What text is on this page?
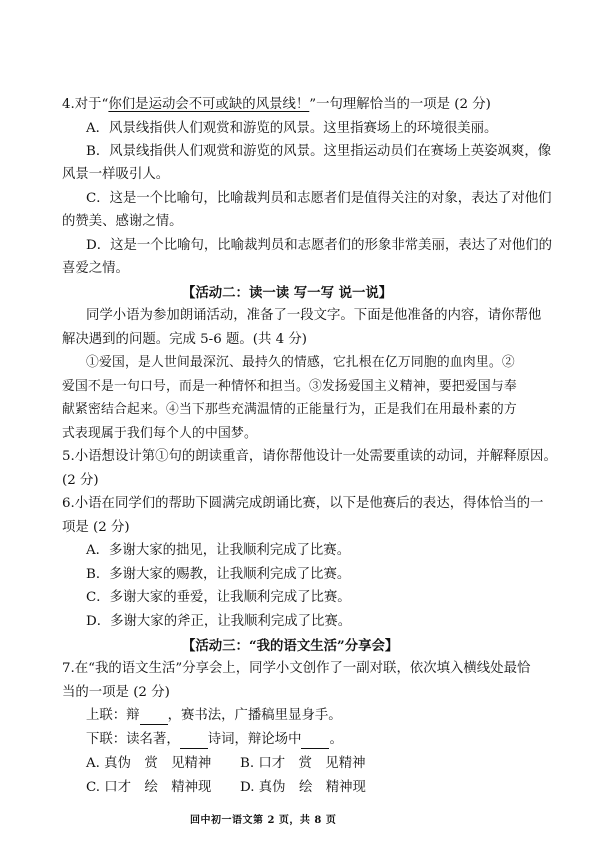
4.对于“你们是运动会不可或缺的风景线！”一句理解恰当的一项是 (2 分)
A．风景线指供人们观赏和游览的风景。这里指赛场上的环境很美丽。
B．风景线指供人们观赏和游览的风景。这里指运动员们在赛场上英姿飒爽，像
风景一样吸引人。
C．这是一个比喻句，比喻裁判员和志愿者们是值得关注的对象，表达了对他们
的赞美、感谢之情。
D．这是一个比喻句，比喻裁判员和志愿者们的形象非常美丽，表达了对他们的
喜爱之情。
【活动二：读一读 写一写 说一说】
同学小语为参加朗诵活动，准备了一段文字。下面是他准备的内容，请你帮他
解决遇到的问题。完成 5-6 题。(共 4 分)
①爱国，是人世间最深沉、最持久的情感，它扎根在亿万同胞的血肉里。②
爱国不是一句口号，而是一种情怀和担当。③发扬爱国主义精神，要把爱国与奉
献紧密结合起来。④当下那些充满温情的正能量行为，正是我们在用最朴素的方
式表现属于我们每个人的中国梦。
5.小语想设计第①句的朗读重音，请你帮他设计一处需要重读的动词，并解释原因。
(2 分)
6.小语在同学们的帮助下圆满完成朗诵比赛，以下是他赛后的表达，得体恰当的一
项是 (2 分)
A．多谢大家的拙见，让我顺利完成了比赛。
B．多谢大家的赐教，让我顺利完成了比赛。
C．多谢大家的垂爱，让我顺利完成了比赛。
D．多谢大家的斧正，让我顺利完成了比赛。
【活动三：“我的语文生活”分享会】
7.在“我的语文生活”分享会上，同学小文创作了一副对联，依次填入横线处最恰
当的一项是 (2 分)
上联：辩 ，赛书法，广播稿里显身手。
下联：读名著， 诗词，辩论场中 。
A. 真伪　赏　见精神 B. 口才　赏　见精神
C. 口才　绘　精神现 D. 真伪　绘　精神现
回中初一语文第 2 页，共 8 页
